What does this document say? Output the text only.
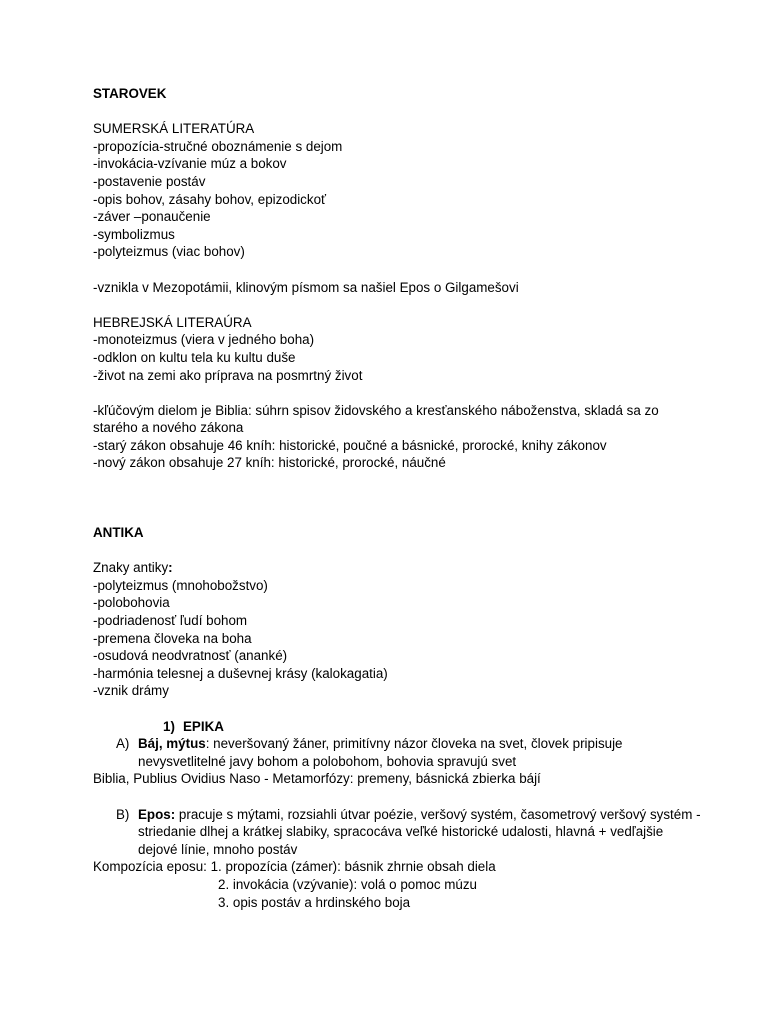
STAROVEK
SUMERSKÁ LITERATÚRA
-propozícia-stručné oboznámenie s dejom
-invokácia-vzívanie múz a bokov
-postavenie postáv
-opis bohov, zásahy bohov, epizodickoť
-záver –ponaučenie
-symbolizmus
-polyteizmus (viac bohov)
-vznikla v Mezopotámii, klinovým písmom sa našiel Epos o Gilgamešovi
HEBREJSKÁ LITERAÚRA
-monoteizmus (viera v jedného boha)
-odklon on kultu tela ku kultu duše
-život na zemi ako príprava na posmrtný život
-kľúčovým dielom je Biblia: súhrn spisov židovského a kresťanského náboženstva, skladá sa zo starého a nového zákona
-starý zákon obsahuje 46 kníh: historické, poučné a básnické, prorocké, knihy zákonov
-nový zákon obsahuje 27 kníh: historické, prorocké, náučné
ANTIKA
Znaky antiky:
-polyteizmus (mnohobožstvo)
-polobohovia
-podriadenosť ľudí bohom
-premena človeka na boha
-osudová neodvratnosť (ananké)
-harmónia telesnej a duševnej krásy (kalokagatia)
-vznik drámy
1) EPIKA
A) Báj, mýtus: neveršovaný žáner, primitívny názor človeka na svet, človek pripisuje nevysvetlitelné javy bohom a polobohom, bohovia spravujú svet
Biblia, Publius Ovidius Naso - Metamorfózy: premeny, básnická zbierka bájí
B) Epos: pracuje s mýtami, rozsiahli útvar poézie, veršový systém, časometrový veršový systém - striedanie dlhej a krátkej slabiky, spracocáva veľké historické udalosti, hlavná + vedľajšie dejové línie, mnoho postáv
Kompozícia eposu: 1. propozícia (zámer): básnik zhrnie obsah diela
2. invokácia (vzývanie): volá o pomoc múzu
3. opis postáv a hrdinského boja
